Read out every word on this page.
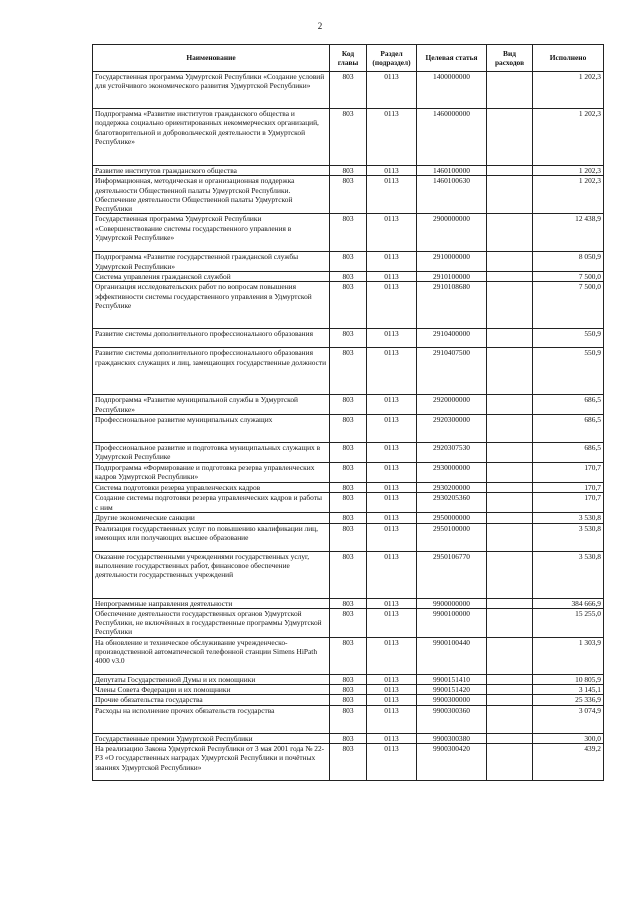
2
Наименование	Код главы	Раздел (подраздел)	Целевая статья	Вид расходов	Исполнено
Государственная программа Удмуртской Республики «Создание условий для устойчивого экономического развития Удмуртской Республики»	803	0113	1400000000		1 202,3
Подпрограмма «Развитие институтов гражданского общества и поддержка социально ориентированных некоммерческих организаций, благотворительной и добровольческой деятельности в Удмуртской Республике»	803	0113	1460000000		1 202,3
Развитие институтов гражданского общества	803	0113	1460100000		1 202,3
Информационная, методическая и организационная поддержка деятельности Общественной палаты Удмуртской Республики. Обеспечение деятельности Общественной палаты Удмуртской Республики	803	0113	1460100630		1 202,3
Государственная программа Удмуртской Республики «Совершенствование системы государственного управления в Удмуртской Республике»	803	0113	2900000000		12 438,9
Подпрограмма «Развитие государственной гражданской службы Удмуртской Республики»	803	0113	2910000000		8 050,9
Система управления гражданской службой	803	0113	2910100000		7 500,0
Организация исследовательских работ по вопросам повышения эффективности системы государственного управления в Удмуртской Республике	803	0113	2910108680		7 500,0
Развитие системы дополнительного профессионального образования	803	0113	2910400000		550,9
Развитие системы дополнительного профессионального образования гражданских служащих и лиц, замещающих государственные должности	803	0113	2910407500		550,9
Подпрограмма «Развитие муниципальной службы в Удмуртской Республике»	803	0113	2920000000		686,5
Профессиональное развитие муниципальных служащих	803	0113	2920300000		686,5
Профессиональное развитие и подготовка муниципальных служащих в Удмуртской Республике	803	0113	2920307530		686,5
Подпрограмма «Формирование и подготовка резерва управленческих кадров Удмуртской Республики»	803	0113	2930000000		170,7
Система подготовки резерва управленческих кадров	803	0113	2930200000		170,7
Создание системы подготовки резерва управленческих кадров и работы с ним	803	0113	2930205360		170,7
Другие экономические санкции	803	0113	2950000000		3 530,8
Реализация государственных услуг по повышению квалификации лиц, имеющих или получающих высшее образование	803	0113	2950100000		3 530,8
Оказание государственными учреждениями государственных услуг, выполнение государственных работ, финансовое обеспечение деятельности государственных учреждений	803	0113	2950106770		3 530,8
Непрограммные направления деятельности	803	0113	9900000000		384 666,9
Обеспечение деятельности государственных органов Удмуртской Республики, не включённых в государственные программы Удмуртской Республики	803	0113	9900100000		15 255,0
На обновление и техническое обслуживание учрежденческо-производственной автоматической телефонной станции Simens HiPath 4000 v3.0	803	0113	9900100440		1 303,9
Депутаты Государственной Думы и их помощники	803	0113	9900151410		10 805,9
Члены Совета Федерации и их помощники	803	0113	9900151420		3 145,1
Прочие обязательства государства	803	0113	9900300000		25 336,9
Расходы на исполнение прочих обязательств государства	803	0113	9900300360		3 074,9
Государственные премии Удмуртской Республики	803	0113	9900300380		300,0
На реализацию Закона Удмуртской Республики от 3 мая 2001 года № 22-РЗ «О государственных наградах Удмуртской Республики и почётных званиях Удмуртской Республики»	803	0113	9900300420		439,2
